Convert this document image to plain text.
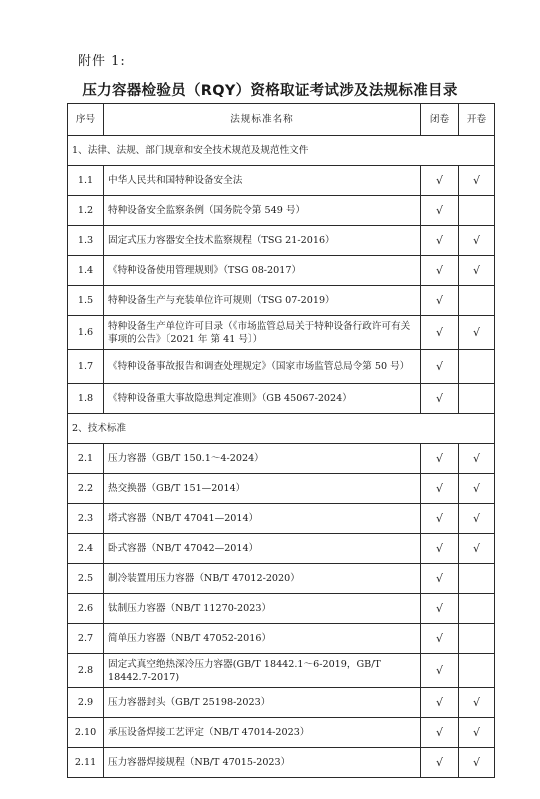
附件 1:
压力容器检验员（RQY）资格取证考试涉及法规标准目录
序号	法规标准名称	闭卷	开卷
1、法律、法规、部门规章和安全技术规范及规范性文件			
1.1	中华人民共和国特种设备安全法	√	√
1.2	特种设备安全监察条例（国务院令第 549 号）	√	
1.3	固定式压力容器安全技术监察规程（TSG 21-2016）	√	√
1.4	《特种设备使用管理规则》（TSG 08-2017）	√	√
1.5	特种设备生产与充装单位许可规则（TSG 07-2019）	√	
1.6	特种设备生产单位许可目录（《市场监管总局关于特种设备行政许可有关事项的公告》〔2021 年 第 41 号〕）	√	√
1.7	《特种设备事故报告和调查处理规定》（国家市场监管总局令第 50 号）	√	
1.8	《特种设备重大事故隐患判定准则》（GB 45067-2024）	√	
2、技术标准			
2.1	压力容器（GB/T 150.1～4-2024）	√	√
2.2	热交换器（GB/T 151—2014）	√	√
2.3	塔式容器（NB/T 47041—2014）	√	√
2.4	卧式容器（NB/T 47042—2014）	√	√
2.5	制冷装置用压力容器（NB/T 47012-2020）	√	
2.6	钛制压力容器（NB/T 11270-2023）	√	
2.7	简单压力容器（NB/T 47052-2016）	√	
2.8	固定式真空绝热深冷压力容器(GB/T 18442.1～6-2019，GB/T 18442.7-2017)	√	
2.9	压力容器封头（GB/T 25198-2023）	√	√
2.10	承压设备焊接工艺评定（NB/T 47014-2023）	√	√
2.11	压力容器焊接规程（NB/T 47015-2023）	√	√
